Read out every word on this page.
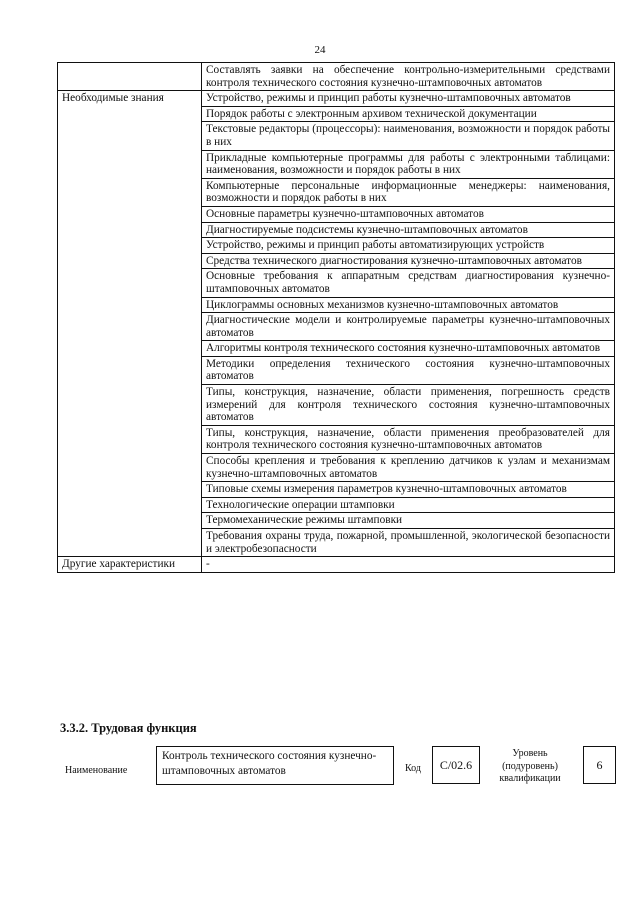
24
	Составлять заявки на обеспечение контрольно-измерительными средствами контроля технического состояния кузнечно-штамповочных автоматов
Необходимые знания	Устройство, режимы и принцип работы кузнечно-штамповочных автоматов
	Порядок работы с электронным архивом технической документации
	Текстовые редакторы (процессоры): наименования, возможности и порядок работы в них
	Прикладные компьютерные программы для работы с электронными таблицами: наименования, возможности и порядок работы в них
	Компьютерные персональные информационные менеджеры: наименования, возможности и порядок работы в них
	Основные параметры кузнечно-штамповочных автоматов
	Диагностируемые подсистемы кузнечно-штамповочных автоматов
	Устройство, режимы и принцип работы автоматизирующих устройств
	Средства технического диагностирования кузнечно-штамповочных автоматов
	Основные требования к аппаратным средствам диагностирования кузнечно-штамповочных автоматов
	Циклограммы основных механизмов кузнечно-штамповочных автоматов
	Диагностические модели и контролируемые параметры кузнечно-штамповочных автоматов
	Алгоритмы контроля технического состояния кузнечно-штамповочных автоматов
	Методики определения технического состояния кузнечно-штамповочных автоматов
	Типы, конструкция, назначение, области применения, погрешность средств измерений для контроля технического состояния кузнечно-штамповочных автоматов
	Типы, конструкция, назначение, области применения преобразователей для контроля технического состояния кузнечно-штамповочных автоматов
	Способы крепления и требования к креплению датчиков к узлам и механизмам кузнечно-штамповочных автоматов
	Типовые схемы измерения параметров кузнечно-штамповочных автоматов
	Технологические операции штамповки
	Термомеханические режимы штамповки
	Требования охраны труда, пожарной, промышленной, экологической безопасности и электробезопасности
Другие характеристики	-
3.3.2. Трудовая функция
Наименование
Контроль технического состояния кузнечно-штамповочных автоматов	Код	С/02.6
Уровень
(подуровень)
квалификации
6
